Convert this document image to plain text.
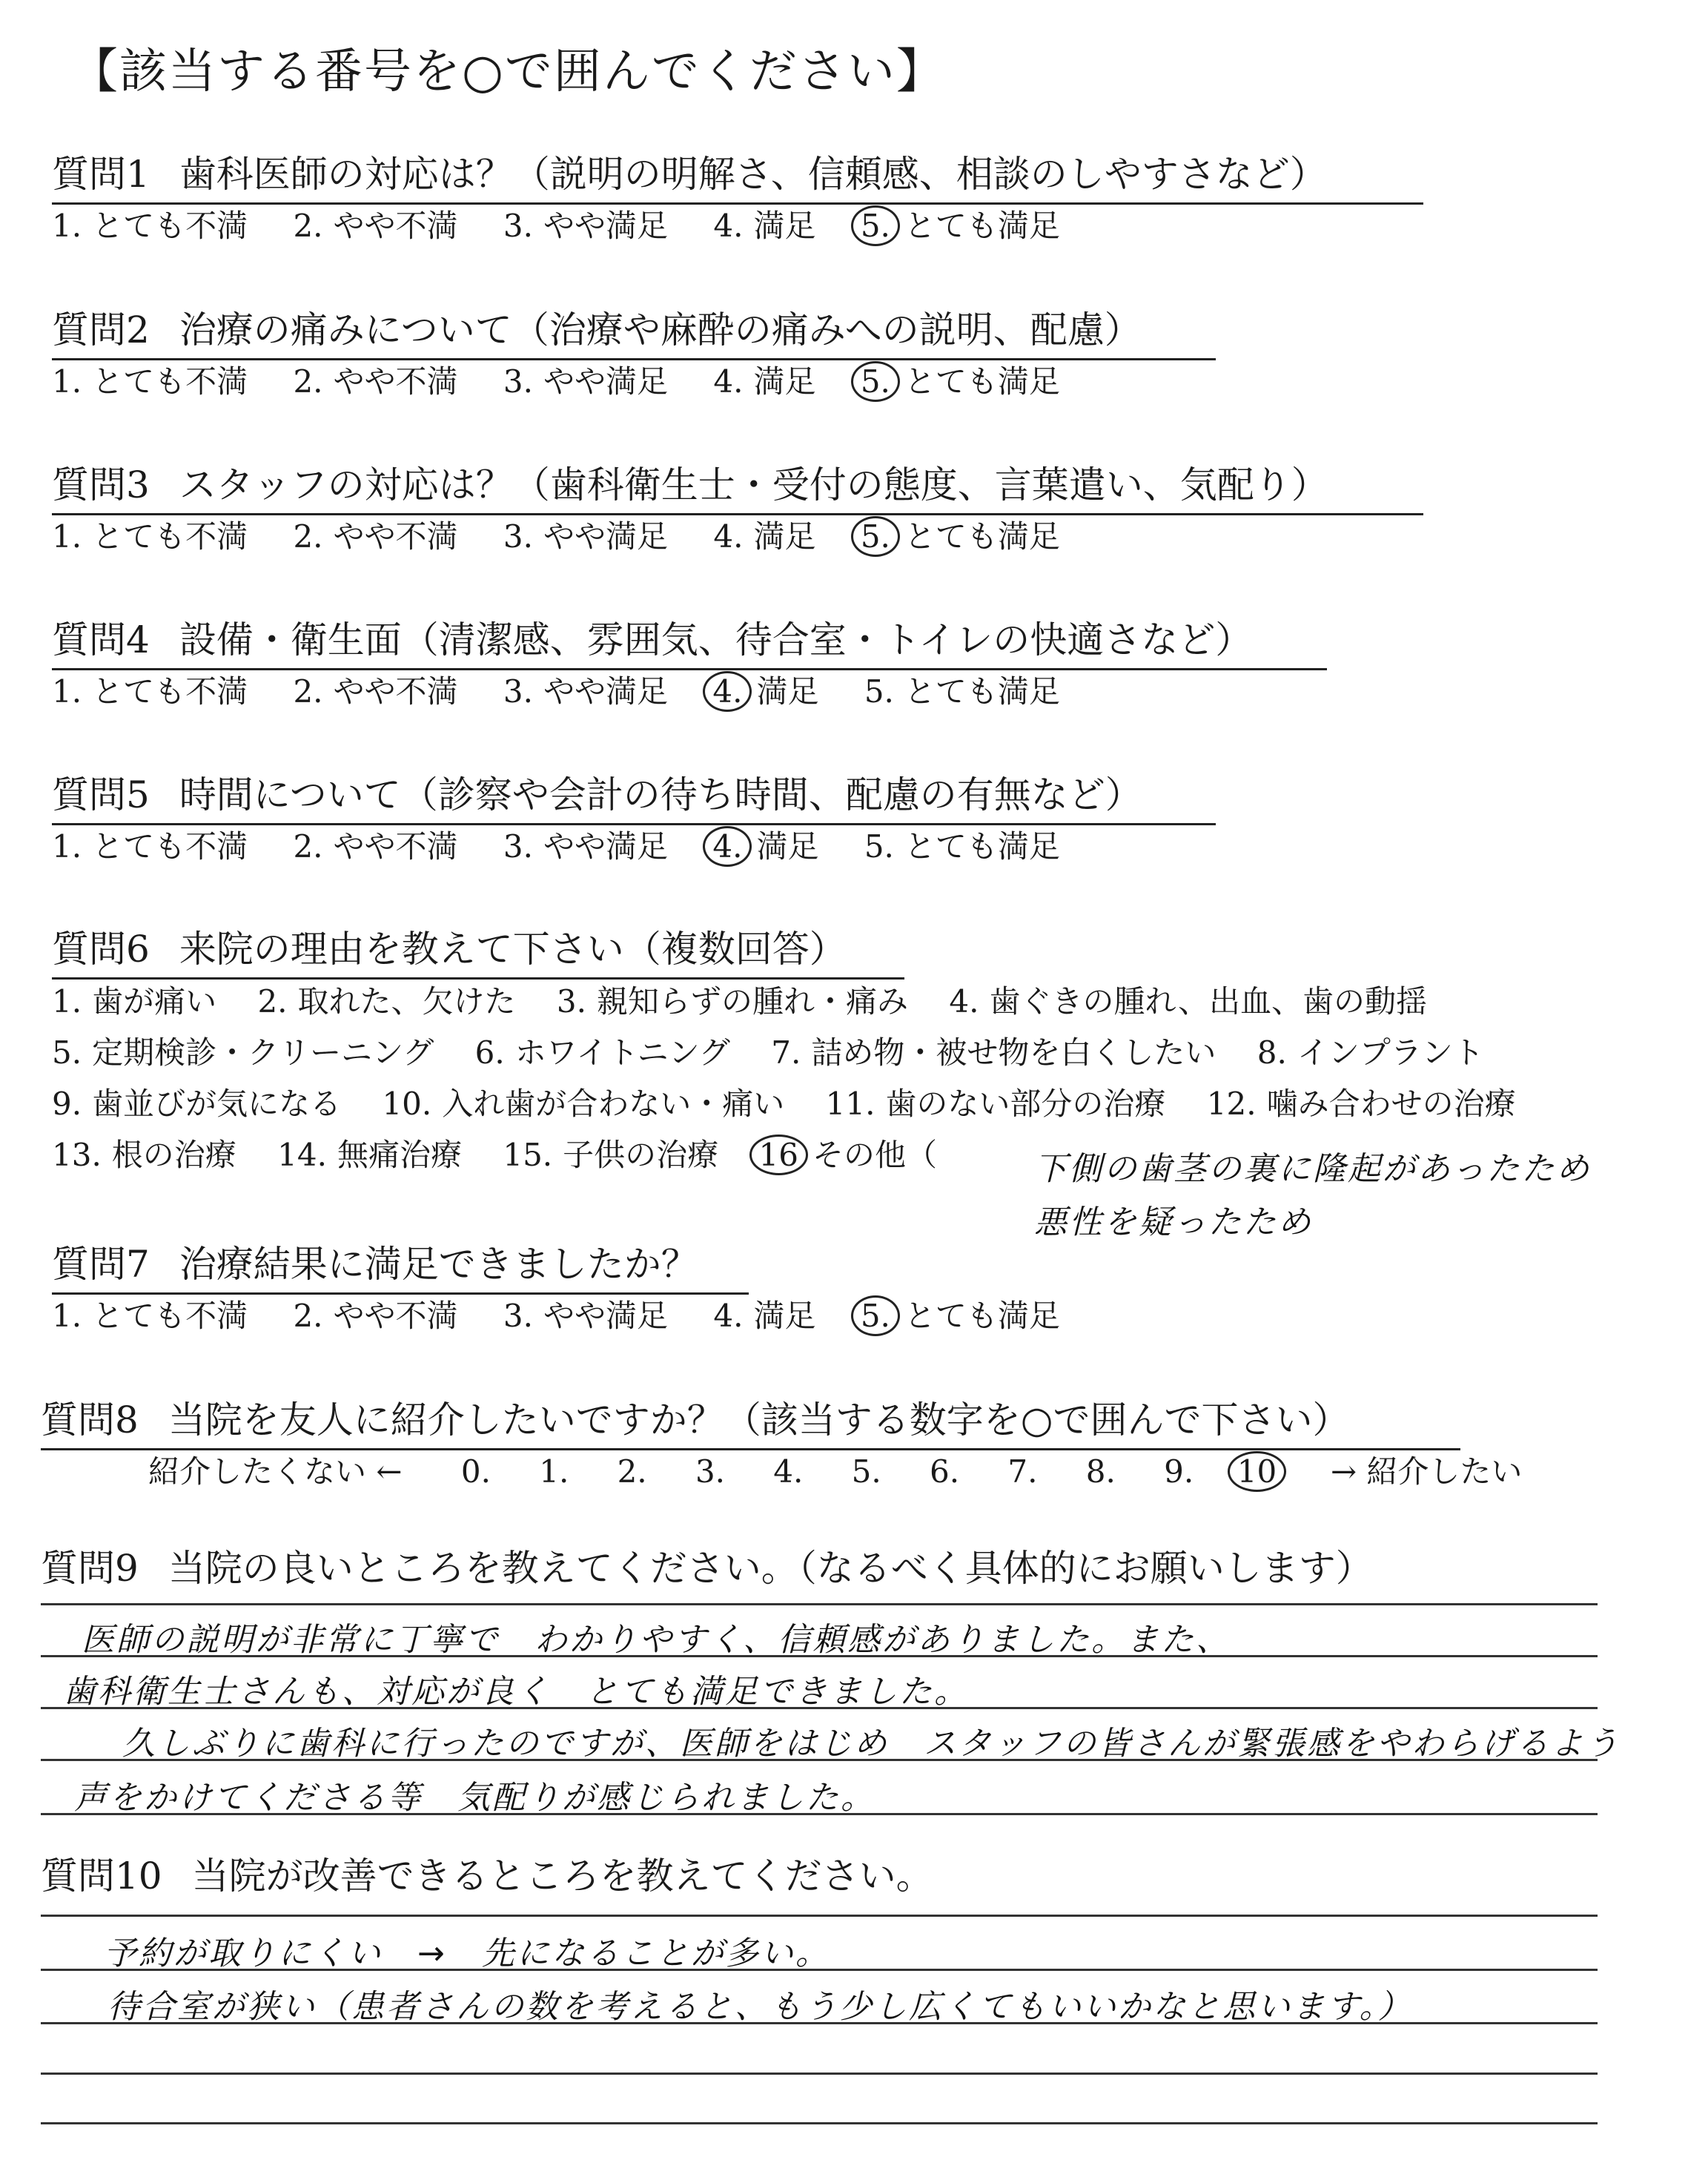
【該当する番号を○で囲んでください】
質問1 歯科医師の対応は？（説明の明解さ、信頼感、相談のしやすさなど）
1. とても不満 2. やや不満 3. やや満足 4. 満足 5. とても満足
質問2 治療の痛みについて（治療や麻酔の痛みへの説明、配慮）
1. とても不満 2. やや不満 3. やや満足 4. 満足 5. とても満足
質問3 スタッフの対応は？（歯科衛生士・受付の態度、言葉遣い、気配り）
1. とても不満 2. やや不満 3. やや満足 4. 満足 5. とても満足
質問4 設備・衛生面（清潔感、雰囲気、待合室・トイレの快適さなど）
1. とても不満 2. やや不満 3. やや満足 4. 満足 5. とても満足
質問5 時間について（診察や会計の待ち時間、配慮の有無など）
1. とても不満 2. やや不満 3. やや満足 4. 満足 5. とても満足
質問6 来院の理由を教えて下さい（複数回答）
1. 歯が痛い 2. 取れた、欠けた 3. 親知らずの腫れ・痛み 4. 歯ぐきの腫れ、出血、歯の動揺
5. 定期検診・クリーニング 6. ホワイトニング 7. 詰め物・被せ物を白くしたい 8. インプラント
9. 歯並びが気になる 10. 入れ歯が合わない・痛い 11. 歯のない部分の治療 12. 噛み合わせの治療
13. 根の治療 14. 無痛治療 15. 子供の治療 16 その他（	下側の歯茎の裏に隆起があったため
悪性を疑ったため
質問7 治療結果に満足できましたか？
1. とても不満 2. やや不満 3. やや満足 4. 満足 5. とても満足
質問8 当院を友人に紹介したいですか？（該当する数字を○で囲んで下さい）
紹介したくない ← 0. 1. 2. 3. 4. 5. 6. 7. 8. 9. 10 → 紹介したい
質問9 当院の良いところを教えてください。（なるべく具体的にお願いします）
医師の説明が非常に丁寧で　わかりやすく、信頼感がありました。また、
歯科衛生士さんも、対応が良く　とても満足できました。
久しぶりに歯科に行ったのですが、医師をはじめ　スタッフの皆さんが緊張感をやわらげるよう
声をかけてくださる等　気配りが感じられました。
質問10 当院が改善できるところを教えてください。
予約が取りにくい　→　先になることが多い。
待合室が狭い（患者さんの数を考えると、もう少し広くてもいいかなと思います。）
